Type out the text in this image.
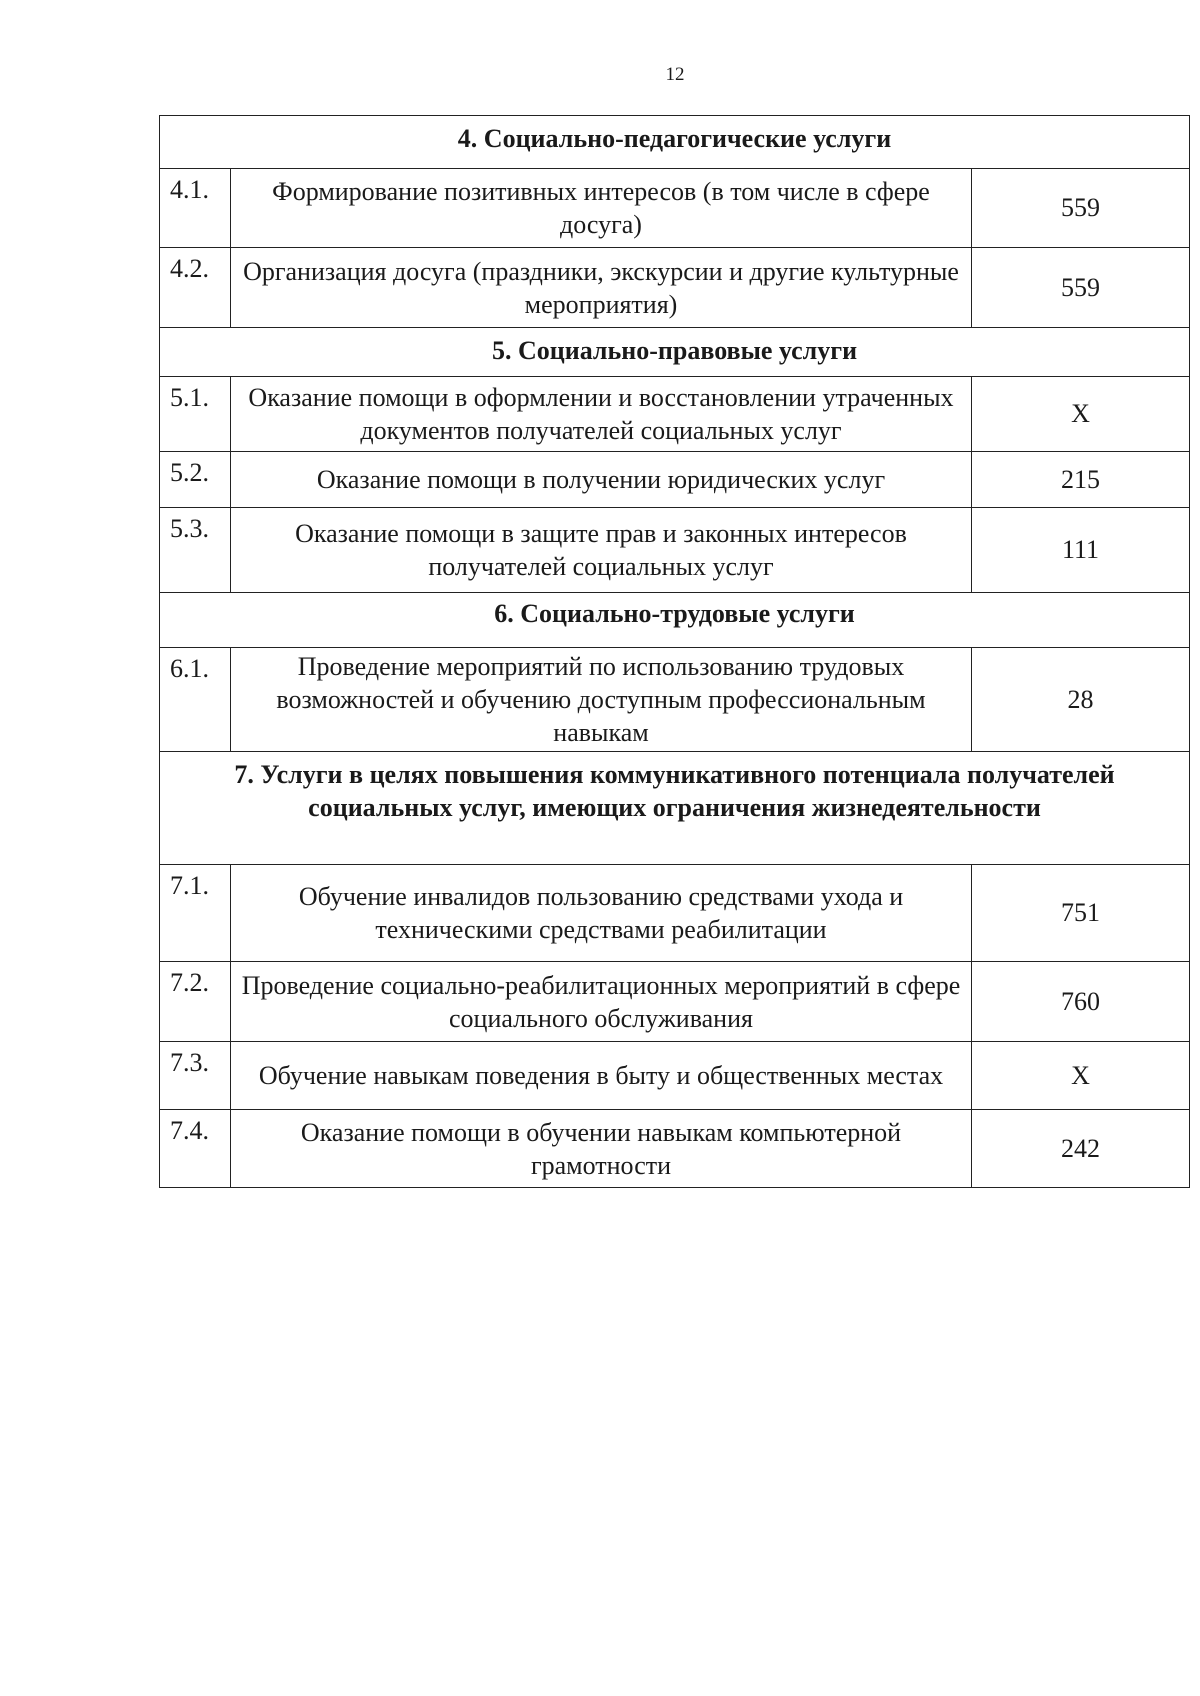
12
4. Социально-педагогические услуги		
4.1.	Формирование позитивных интересов (в том числе в сфере досуга)	559
4.2.	Организация досуга (праздники, экскурсии и другие культурные мероприятия)	559
5. Социально-правовые услуги		
5.1.	Оказание помощи в оформлении и восстановлении утраченных документов получателей социальных услуг	Х
5.2.	Оказание помощи в получении юридических услуг	215
5.3.	Оказание помощи в защите прав и законных интересов получателей социальных услуг	111
6. Социально-трудовые услуги		
6.1.	Проведение мероприятий по использованию трудовых возможностей и обучению доступным профессиональным навыкам	28
7. Услуги в целях повышения коммуникативного потенциала получателей социальных услуг, имеющих ограничения жизнедеятельности		
7.1.	Обучение инвалидов пользованию средствами ухода и техническими средствами реабилитации	751
7.2.	Проведение социально-реабилитационных мероприятий в сфере социального обслуживания	760
7.3.	Обучение навыкам поведения в быту и общественных местах	Х
7.4.	Оказание помощи в обучении навыкам компьютерной грамотности	242
